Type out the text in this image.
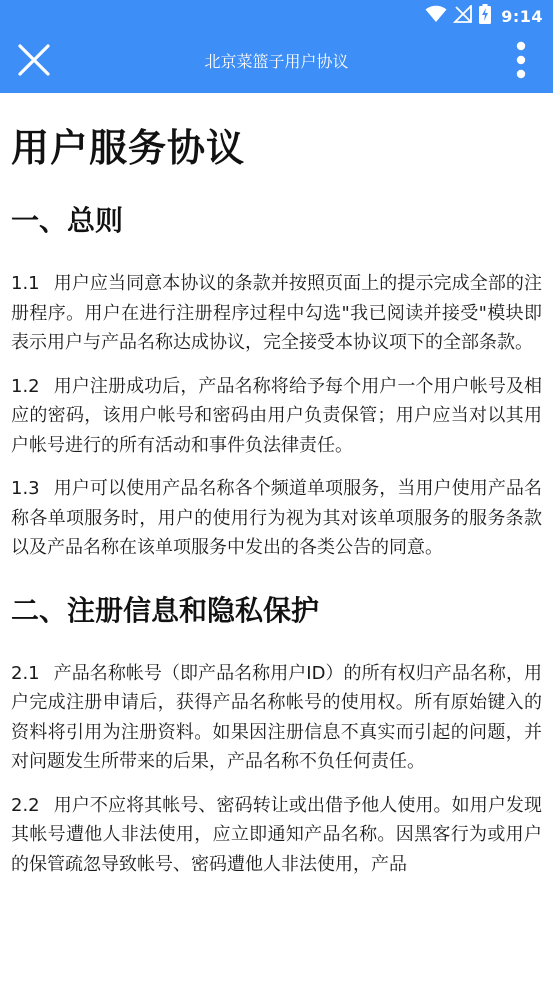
9:14
北京菜篮子用户协议
用户服务协议
一、总则

1.1 用户应当同意本协议的条款并按照页面上的提示完成全部的注册程序。用户在进行注册程序过程中勾选"我已阅读并接受"模块即表示用户与产品名称达成协议，完全接受本协议项下的全部条款。

1.2 用户注册成功后，产品名称将给予每个用户一个用户帐号及相应的密码，该用户帐号和密码由用户负责保管；用户应当对以其用户帐号进行的所有活动和事件负法律责任。

1.3 用户可以使用产品名称各个频道单项服务，当用户使用产品名称各单项服务时，用户的使用行为视为其对该单项服务的服务条款以及产品名称在该单项服务中发出的各类公告的同意。

二、注册信息和隐私保护

2.1 产品名称帐号（即产品名称用户ID）的所有权归产品名称，用户完成注册申请后，获得产品名称帐号的使用权。所有原始键入的资料将引用为注册资料。如果因注册信息不真实而引起的问题，并对问题发生所带来的后果，产品名称不负任何责任。

2.2 用户不应将其帐号、密码转让或出借予他人使用。如用户发现其帐号遭他人非法使用，应立即通知产品名称。因黑客行为或用户的保管疏忽导致帐号、密码遭他人非法使用，产品
